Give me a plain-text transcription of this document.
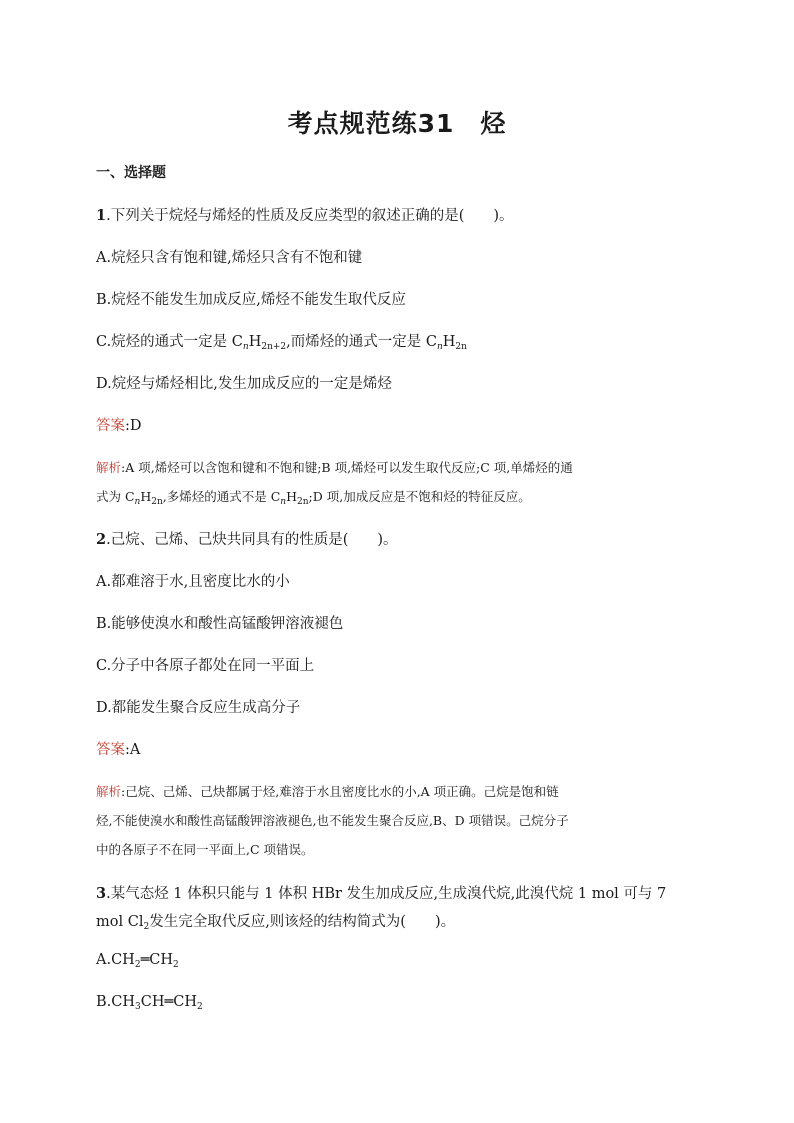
考点规范练31　烃
一、选择题
1.下列关于烷烃与烯烃的性质及反应类型的叙述正确的是(　　)。
A.烷烃只含有饱和键,烯烃只含有不饱和键
B.烷烃不能发生加成反应,烯烃不能发生取代反应
C.烷烃的通式一定是 $C_nH_{2n+2}$,而烯烃的通式一定是 $C_nH_{2n}$
D.烷烃与烯烃相比,发生加成反应的一定是烯烃
答案:D
解析:A 项,烯烃可以含饱和键和不饱和键;B 项,烯烃可以发生取代反应;C 项,单烯烃的通
式为 $C_nH_{2n}$,多烯烃的通式不是 $C_nH_{2n};D$ 项,加成反应是不饱和烃的特征反应。
2.己烷、己烯、己炔共同具有的性质是(　　)。
A.都难溶于水,且密度比水的小
B.能够使溴水和酸性高锰酸钾溶液褪色
C.分子中各原子都处在同一平面上
D.都能发生聚合反应生成高分子
答案:A
解析:己烷、己烯、己炔都属于烃,难溶于水且密度比水的小,A 项正确。己烷是饱和链
烃,不能使溴水和酸性高锰酸钾溶液褪色,也不能发生聚合反应,B、D 项错误。己烷分子
中的各原子不在同一平面上,C 项错误。
3.某气态烃 1 体积只能与 1 体积 HBr 发生加成反应,生成溴代烷,此溴代烷 1 mol 可与 7
mol $Cl_2$发生完全取代反应,则该烃的结构简式为(　　)。
$A.CH_2═CH_2$
$B.CH_3CH═CH_2$
